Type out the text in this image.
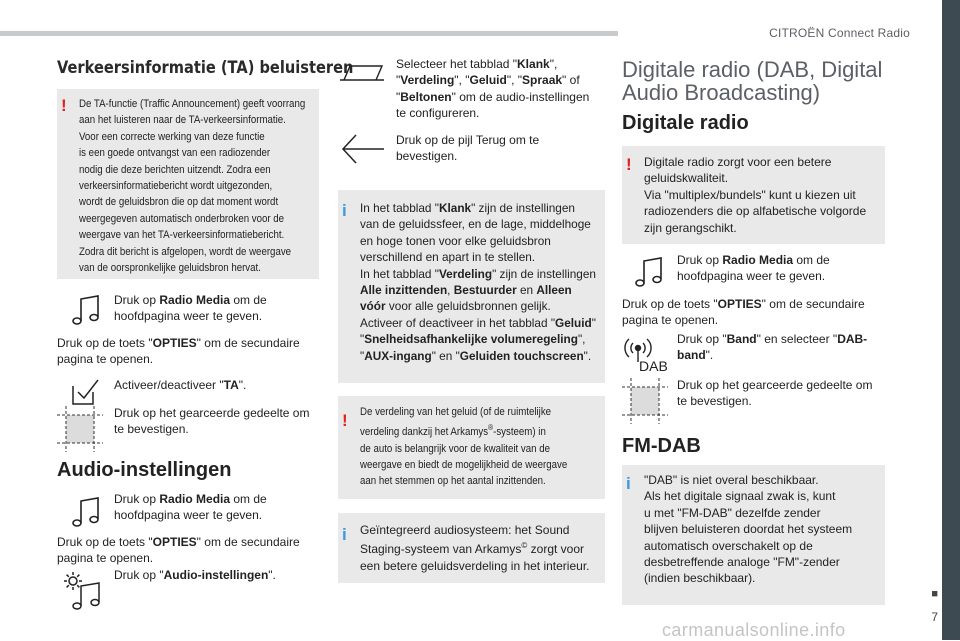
CITROËN Connect Radio
■
7
carmanualsonline.info
Verkeersinformatie (TA) beluisteren
! De TA-functie (Traffic Announcement) geeft voorrang
aan het luisteren naar de TA-verkeersinformatie.
Voor een correcte werking van deze functie
is een goede ontvangst van een radiozender
nodig die deze berichten uitzendt. Zodra een
verkeersinformatiebericht wordt uitgezonden,
wordt de geluidsbron die op dat moment wordt
weergegeven automatisch onderbroken voor de
weergave van het TA-verkeersinformatiebericht.
Zodra dit bericht is afgelopen, wordt de weergave
van de oorspronkelijke geluidsbron hervat.
Druk op Radio Media om de
hoofdpagina weer te geven.
Druk op de toets "OPTIES" om de secundaire
pagina te openen.
Activeer/deactiveer "TA".
Druk op het gearceerde gedeelte om
te bevestigen.
Audio-instellingen
Druk op Radio Media om de
hoofdpagina weer te geven.
Druk op de toets "OPTIES" om de secundaire
pagina te openen.
Druk op "Audio-instellingen".
Selecteer het tabblad "Klank",
"Verdeling", "Geluid", "Spraak" of
"Beltonen" om de audio-instellingen
te configureren.
Druk op de pijl Terug om te
bevestigen.
i In het tabblad "Klank" zijn de instellingen
van de geluidssfeer, en de lage, middelhoge
en hoge tonen voor elke geluidsbron
verschillend en apart in te stellen.
In het tabblad "Verdeling" zijn de instellingen
Alle inzittenden, Bestuurder en Alleen
vóór voor alle geluidsbronnen gelijk.
Activeer of deactiveer in het tabblad "Geluid"
"Snelheidsafhankelijke volumeregeling",
"AUX-ingang" en "Geluiden touchscreen".
! De verdeling van het geluid (of de ruimtelijke
verdeling dankzij het Arkamys®-systeem) in
de auto is belangrijk voor de kwaliteit van de
weergave en biedt de mogelijkheid de weergave
aan het stemmen op het aantal inzittenden.
i Geïntegreerd audiosysteem: het Sound
Staging-systeem van Arkamys© zorgt voor
een betere geluidsverdeling in het interieur.
Digitale radio (DAB, Digital
Audio Broadcasting)
Digitale radio
! Digitale radio zorgt voor een betere
geluidskwaliteit.
Via "multiplex/bundels" kunt u kiezen uit
radiozenders die op alfabetische volgorde
zijn gerangschikt.
Druk op Radio Media om de
hoofdpagina weer te geven.
Druk op de toets "OPTIES" om de secundaire
pagina te openen.
DAB
Druk op "Band" en selecteer "DAB-
band".
Druk op het gearceerde gedeelte om
te bevestigen.
FM-DAB
i "DAB" is niet overal beschikbaar.
Als het digitale signaal zwak is, kunt
u met "FM-DAB" dezelfde zender
blijven beluisteren doordat het systeem
automatisch overschakelt op de
desbetreffende analoge "FM"-zender
(indien beschikbaar).
